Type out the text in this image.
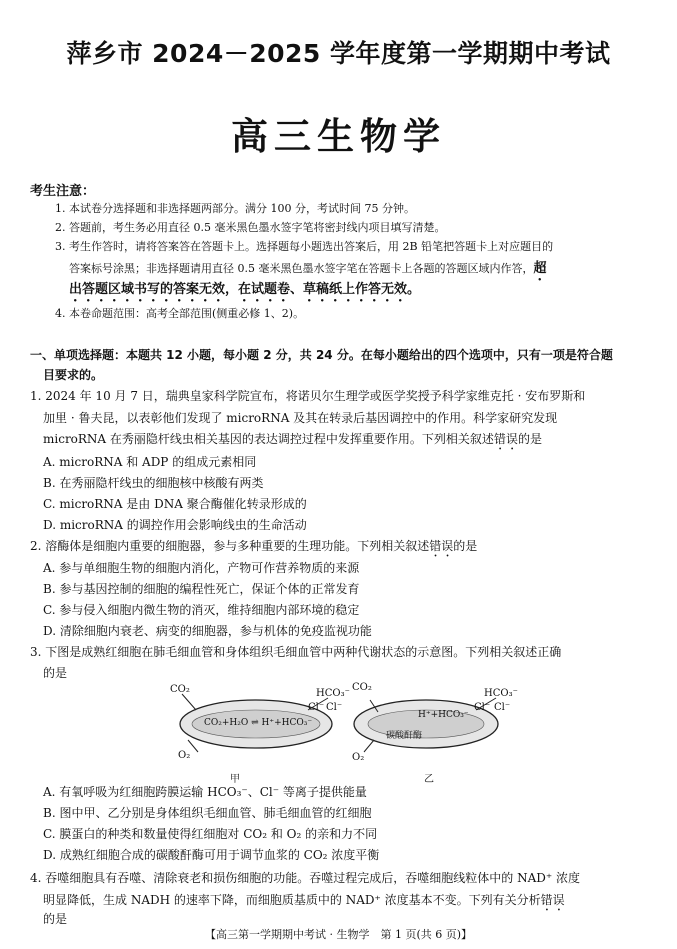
萍乡市 2024－2025 学年度第一学期期中考试
高三生物学
考生注意：
1. 本试卷分选择题和非选择题两部分。满分 100 分，考试时间 75 分钟。
2. 答题前，考生务必用直径 0.5 毫米黑色墨水签字笔将密封线内项目填写清楚。
3. 考生作答时，请将答案答在答题卡上。选择题每小题选出答案后，用 2B 铅笔把答题卡上对应题目的
答案标号涂黑；非选择题请用直径 0.5 毫米黑色墨水签字笔在答题卡上各题的答题区域内作答，超
出答题区域书写的答案无效，在试题卷、草稿纸上作答无效。
4. 本卷命题范围：高考全部范围(侧重必修 1、2)。
一、单项选择题：本题共 12 小题，每小题 2 分，共 24 分。在每小题给出的四个选项中，只有一项是符合题
目要求的。
1. 2024 年 10 月 7 日，瑞典皇家科学院宣布，将诺贝尔生理学或医学奖授予科学家维克托 · 安布罗斯和
加里 · 鲁夫昆，以表彰他们发现了 microRNA 及其在转录后基因调控中的作用。科学家研究发现
microRNA 在秀丽隐杆线虫相关基因的表达调控过程中发挥重要作用。下列相关叙述错误的是
A. microRNA 和 ADP 的组成元素相同
B. 在秀丽隐杆线虫的细胞核中核酸有两类
C. microRNA 是由 DNA 聚合酶催化转录形成的
D. microRNA 的调控作用会影响线虫的生命活动
2. 溶酶体是细胞内重要的细胞器，参与多种重要的生理功能。下列相关叙述错误的是
A. 参与单细胞生物的细胞内消化，产物可作营养物质的来源
B. 参与基因控制的细胞的编程性死亡，保证个体的正常发育
C. 参与侵入细胞内微生物的消灭，维持细胞内部环境的稳定
D. 清除细胞内衰老、病变的细胞器，参与机体的免疫监视功能
3. 下图是成熟红细胞在肺毛细血管和身体组织毛细血管中两种代谢状态的示意图。下列相关叙述正确
的是
CO₂
CO₂+H₂O ⇌ H⁺+HCO₃⁻
HCO₃⁻
Cl⁻ Cl⁻
O₂
甲
CO₂
H⁺+HCO₃⁻
碳酸酐酶
HCO₃⁻
Cl⁻ Cl⁻
O₂
乙
A. 有氧呼吸为红细胞跨膜运输 HCO₃⁻、Cl⁻ 等离子提供能量
B. 图中甲、乙分别是身体组织毛细血管、肺毛细血管的红细胞
C. 膜蛋白的种类和数量使得红细胞对 CO₂ 和 O₂ 的亲和力不同
D. 成熟红细胞合成的碳酸酐酶可用于调节血浆的 CO₂ 浓度平衡
4. 吞噬细胞具有吞噬、清除衰老和损伤细胞的功能。吞噬过程完成后，吞噬细胞线粒体中的 NAD⁺ 浓度
明显降低，生成 NADH 的速率下降，而细胞质基质中的 NAD⁺ 浓度基本不变。下列有关分析错误
的是
【高三第一学期期中考试 · 生物学　第 1 页(共 6 页)】
